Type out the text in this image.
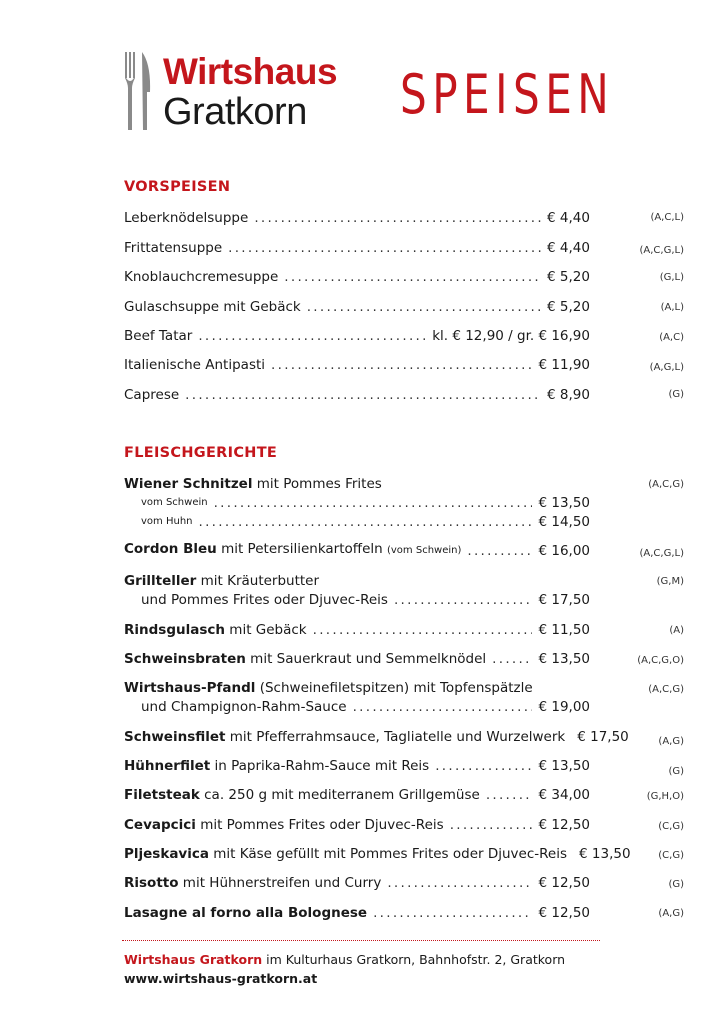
Wirtshaus
Gratkorn SPEISEN
VORSPEISEN
Leberknödelsuppe . . .	€ 4,40	(A,C,L)
Frittatensuppe . . .	€ 4,40	(A,C,G,L)
Knoblauchcremesuppe . . .	€ 5,20	(G,L)
Gulaschsuppe mit Gebäck . . .	€ 5,20	(A,L)
Beef Tatar . . .	kl. € 12,90 / gr. € 16,90	(A,C)
Italienische Antipasti . . .	€ 11,90	(A,G,L)
Caprese . . .	€ 8,90	(G)
FLEISCHGERICHTE
Wiener Schnitzel mit Pommes Frites	(A,C,G)
vom Schwein . . .	€ 13,50
vom Huhn . . .	€ 14,50
Cordon Bleu mit Petersilienkartoffeln (vom Schwein) . . .	€ 16,00	(A,C,G,L)
Grillteller mit Kräuterbutter	(G,M)
und Pommes Frites oder Djuvec-Reis . . .	€ 17,50
Rindsgulasch mit Gebäck . . .	€ 11,50	(A)
Schweinsbraten mit Sauerkraut und Semmelknödel . . .	€ 13,50	(A,C,G,O)
Wirtshaus-Pfandl (Schweinefiletspitzen) mit Topfenspätzle	(A,C,G)
und Champignon-Rahm-Sauce . . .	€ 19,00
Schweinsfilet mit Pfefferrahmsauce, Tagliatelle und Wurzelwerk € 17,50	(A,G)
Hühnerfilet in Paprika-Rahm-Sauce mit Reis . . .	€ 13,50	(G)
Filetsteak ca. 250 g mit mediterranem Grillgemüse . . .	€ 34,00	(G,H,O)
Cevapcici mit Pommes Frites oder Djuvec-Reis . . .	€ 12,50	(C,G)
Pljeskavica mit Käse gefüllt mit Pommes Frites oder Djuvec-Reis € 13,50	(C,G)
Risotto mit Hühnerstreifen und Curry . . .	€ 12,50	(G)
Lasagne al forno alla Bolognese . . .	€ 12,50	(A,G)
Wirtshaus Gratkorn im Kulturhaus Gratkorn, Bahnhofstr. 2, Gratkorn
www.wirtshaus-gratkorn.at
